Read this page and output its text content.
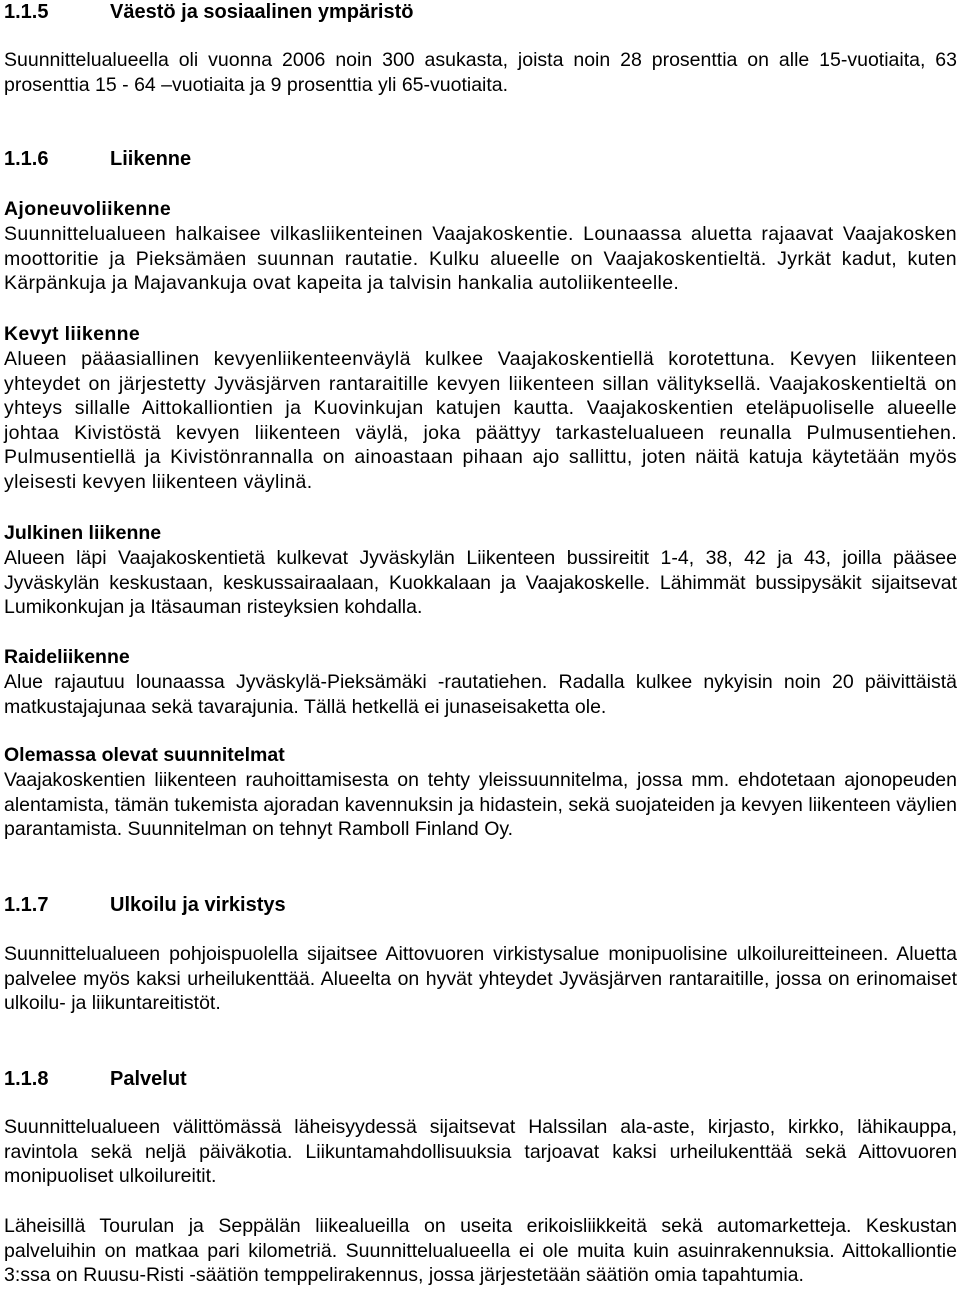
1.1.5	Väestö ja sosiaalinen ympäristö

Suunnittelualueella oli vuonna 2006 noin 300 asukasta, joista noin 28 prosenttia on alle 15-vuotiaita, 63 prosenttia 15 - 64 –vuotiaita ja 9 prosenttia yli 65-vuotiaita.

1.1.6	Liikenne
Ajoneuvoliikenne

Suunnittelualueen halkaisee vilkasliikenteinen Vaajakoskentie. Lounaassa aluetta rajaavat Vaajakosken moottoritie ja Pieksämäen suunnan rautatie. Kulku alueelle on Vaajakoskentieltä. Jyrkät kadut, kuten Kärpänkuja ja Majavankuja ovat kapeita ja talvisin hankalia autoliikenteelle.

Kevyt liikenne

Alueen pääasiallinen kevyenliikenteenväylä kulkee Vaajakoskentiellä korotettuna. Kevyen liikenteen yhteydet on järjestetty Jyväsjärven rantaraitille kevyen liikenteen sillan välityksellä. Vaajakoskentieltä on yhteys sillalle Aittokalliontien ja Kuovinkujan katujen kautta. Vaajakoskentien eteläpuoliselle alueelle johtaa Kivistöstä kevyen liikenteen väylä, joka päättyy tarkastelualueen reunalla Pulmusentiehen. Pulmusentiellä ja Kivistönrannalla on ainoastaan pihaan ajo sallittu, joten näitä katuja käytetään myös yleisesti kevyen liikenteen väylinä.

Julkinen liikenne

Alueen läpi Vaajakoskentietä kulkevat Jyväskylän Liikenteen bussireitit 1-4, 38, 42 ja 43, joilla pääsee Jyväskylän keskustaan, keskussairaalaan, Kuokkalaan ja Vaajakoskelle. Lähimmät bussipysäkit sijaitsevat Lumikonkujan ja Itäsauman risteyksien kohdalla.

Raideliikenne

Alue rajautuu lounaassa Jyväskylä-Pieksämäki -rautatiehen. Radalla kulkee nykyisin noin 20 päivittäistä matkustajajunaa sekä tavarajunia. Tällä hetkellä ei junaseisaketta ole.

Olemassa olevat suunnitelmat

Vaajakoskentien liikenteen rauhoittamisesta on tehty yleissuunnitelma, jossa mm. ehdotetaan ajonopeuden alentamista, tämän tukemista ajoradan kavennuksin ja hidastein, sekä suojateiden ja kevyen liikenteen väylien parantamista. Suunnitelman on tehnyt Ramboll Finland Oy.

1.1.7	Ulkoilu ja virkistys

Suunnittelualueen pohjoispuolella sijaitsee Aittovuoren virkistysalue monipuolisine ulkoilureitteineen. Aluetta palvelee myös kaksi urheilukenttää. Alueelta on hyvät yhteydet Jyväsjärven rantaraitille, jossa on erinomaiset ulkoilu- ja liikuntareitistöt.

1.1.8	Palvelut

Suunnittelualueen välittömässä läheisyydessä sijaitsevat Halssilan ala-aste, kirjasto, kirkko, lähikauppa, ravintola sekä neljä päiväkotia. Liikuntamahdollisuuksia tarjoavat kaksi urheilukenttää sekä Aittovuoren monipuoliset ulkoilureitit.

Läheisillä Tourulan ja Seppälän liikealueilla on useita erikoisliikkeitä sekä automarketteja. Keskustan palveluihin on matkaa pari kilometriä. Suunnittelualueella ei ole muita kuin asuinrakennuksia. Aittokalliontie 3:ssa on Ruusu-Risti -säätiön temppelirakennus, jossa järjestetään säätiön omia tapahtumia.
